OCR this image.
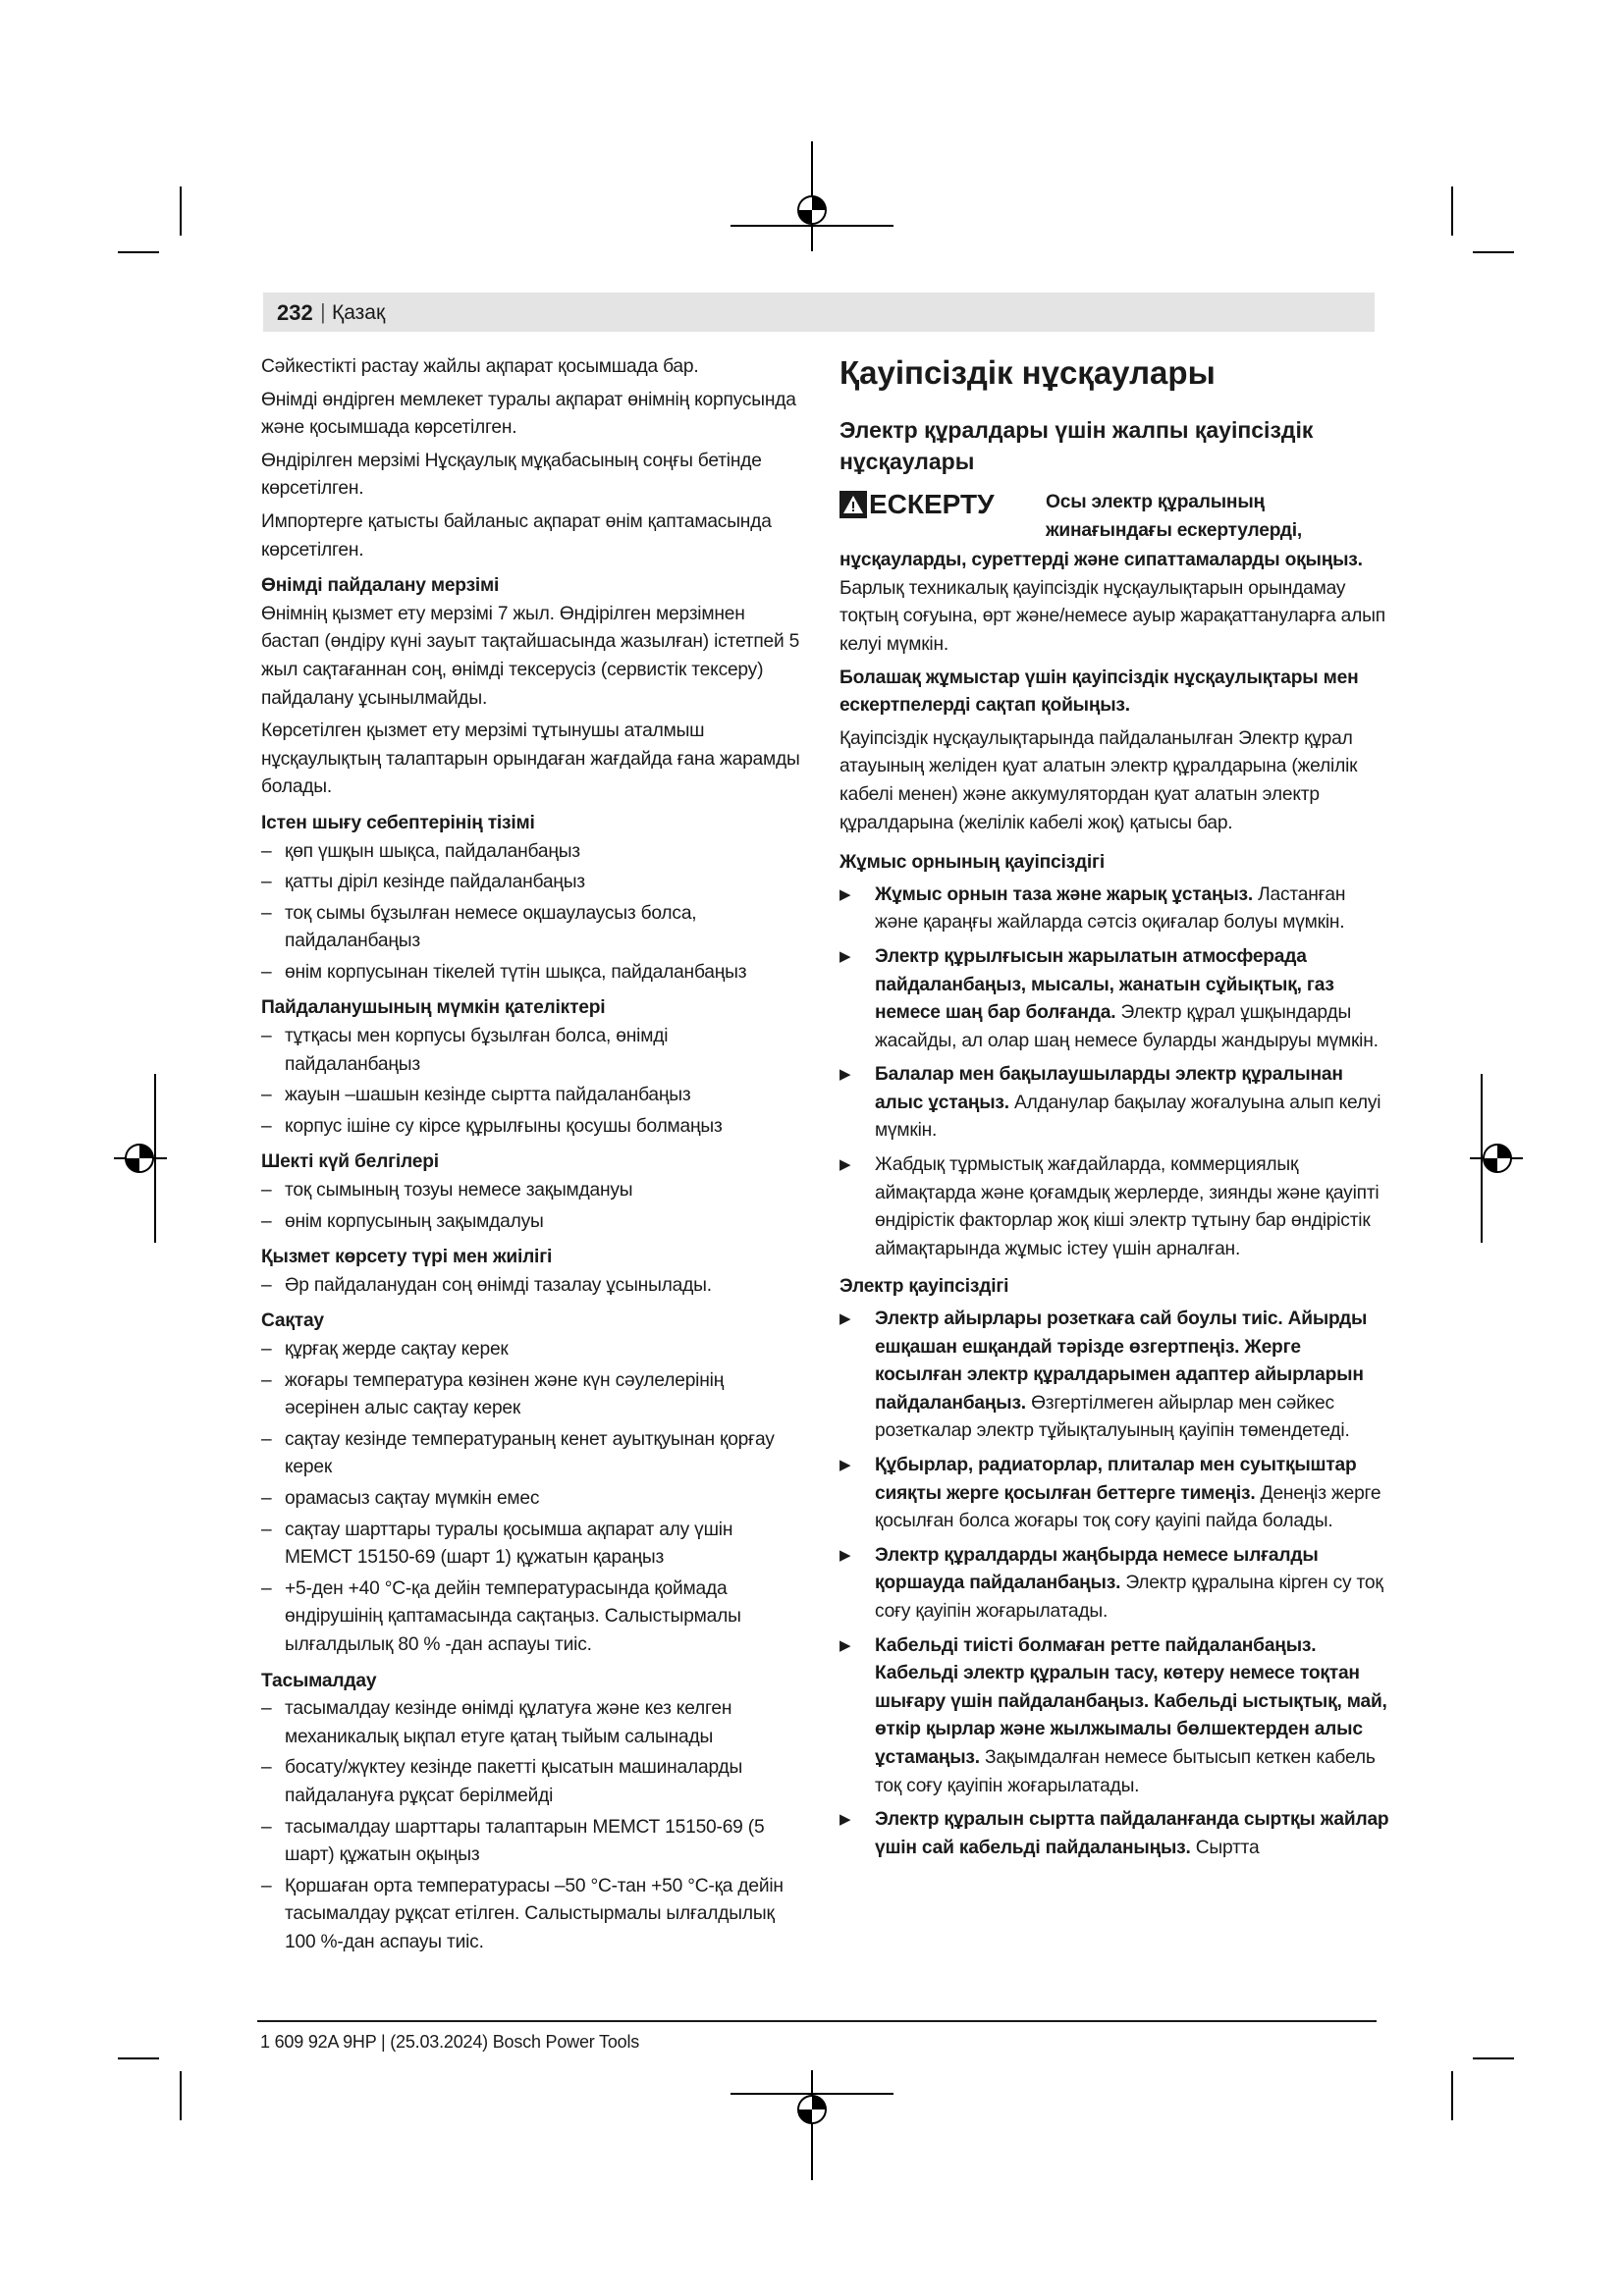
232 | Қазақ

Сәйкестікті растау жайлы ақпарат қосымшада бар.

Өнімді өндірген мемлекет туралы ақпарат өнімнің корпусында және қосымшада көрсетілген.

Өндірілген мерзімі Нұсқаулық мұқабасының соңғы бетінде көрсетілген.

Импортерге қатысты байланыс ақпарат өнім қаптамасында көрсетілген.

Өнімді пайдалану мерзімі

Өнімнің қызмет ету мерзімі 7 жыл. Өндірілген мерзімнен бастап (өндіру күні зауыт тақтайшасында жазылған) істетпей 5 жыл сақтағаннан соң, өнімді тексерусіз (сервистік тексеру) пайдалану ұсынылмайды.

Көрсетілген қызмет ету мерзімі тұтынушы аталмыш нұсқаулықтың талаптарын орындаған жағдайда ғана жарамды болады.

Істен шығу себептерінің тізімі
– қөп үшқын шықса, пайдаланбаңыз
– қатты діріл кезінде пайдаланбаңыз
– тоқ сымы бұзылған немесе оқшаулаусыз болса, пайдаланбаңыз
– өнім корпусынан тікелей түтін шықса, пайдаланбаңыз
Пайдаланушының мүмкін қателіктері
– тұтқасы мен корпусы бұзылған болса, өнімді пайдаланбаңыз
– жауын –шашын кезінде сыртта пайдаланбаңыз
– корпус ішіне су кірсе құрылғыны қосушы болмаңыз
Шекті күй белгілері
– тоқ сымының тозуы немесе зақымдануы
– өнім корпусының зақымдалуы
Қызмет көрсету түрі мен жиілігі
– Әр пайдаланудан соң өнімді тазалау ұсынылады.
Сақтау
– құрғақ жерде сақтау керек
– жоғары температура көзінен және күн сәулелерінің әсерінен алыс сақтау керек
– сақтау кезінде температураның кенет ауытқуынан қорғау керек
– орамасыз сақтау мүмкін емес
– сақтау шарттары туралы қосымша ақпарат алу үшін МЕМСТ 15150-69 (шарт 1) құжатын қараңыз
– +5-ден +40 °C-қа дейін температурасында қоймада өндірушінің қаптамасында сақтаңыз. Салыстырмалы ылғалдылық 80 % -дан аспауы тиіс.
Тасымалдау
– тасымалдау кезінде өнімді құлатуға және кез келген механикалық ықпал етуге қатаң тыйым салынады
– босату/жүктеу кезінде пакетті қысатын машиналарды пайдалануға рұқсат берілмейді
– тасымалдау шарттары талаптарын МЕМСТ 15150-69 (5 шарт) құжатын оқыңыз
– Қоршаған орта температурасы –50 °C-тан +50 °C-қа дейін тасымалдау рұқсат етілген. Салыстырмалы ылғалдылық 100 %-дан аспауы тиіс.
Қауіпсіздік нұсқаулары
Электр құралдары үшін жалпы қауіпсіздік нұсқаулары
ЕСКЕРТУ	Осы электр құралының жинағындағы ескертулерді,

нұсқауларды, суреттерді және сипаттамаларды оқыңыз. Барлық техникалық қауіпсіздік нұсқаулықтарын орындамау тоқтың соғуына, өрт және/немесе ауыр жарақаттануларға алып келуі мүмкін.

Болашақ жұмыстар үшін қауіпсіздік нұсқаулықтары мен ескертпелерді сақтап қойыңыз.

Қауіпсіздік нұсқаулықтарында пайдаланылған Электр құрал атауының желіден қуат алатын электр құралдарына (желілік кабелі менен) және аккумулятордан қуат алатын электр құралдарына (желілік кабелі жоқ) қатысы бар.

Жұмыс орнының қауіпсіздігі
▶ Жұмыс орнын таза және жарық ұстаңыз. Ластанған және қараңғы жайларда сәтсіз оқиғалар болуы мүмкін.
▶ Электр құрылғысын жарылатын атмосферада пайдаланбаңыз, мысалы, жанатын сұйықтық, газ немесе шаң бар болғанда. Электр құрал ұшқындарды жасайды, ал олар шаң немесе буларды жандыруы мүмкін.
▶ Балалар мен бақылаушыларды электр құралынан алыс ұстаңыз. Алданулар бақылау жоғалуына алып келуі мүмкін.
▶ Жабдық тұрмыстық жағдайларда, коммерциялық аймақтарда және қоғамдық жерлерде, зиянды және қауіпті өндірістік факторлар жоқ кіші электр тұтыну бар өндірістік аймақтарында жұмыс істеу үшін арналған.
Электр қауіпсіздігі
▶ Электр айырлары розеткаға сай боулы тиіс. Айырды ешқашан ешқандай тәрізде өзгертпеңіз. Жерге косылған электр құралдарымен адаптер айырларын пайдаланбаңыз. Өзгертілмеген айырлар мен сәйкес розеткалар электр тұйықталуының қауіпін төмендетеді.
▶ Құбырлар, радиаторлар, плиталар мен суытқыштар сияқты жерге қосылған беттерге тимеңіз. Денеңіз жерге қосылған болса жоғары тоқ соғу қауіпі пайда болады.
▶ Электр құралдарды жаңбырда немесе ылғалды қоршауда пайдаланбаңыз. Электр құралына кірген су тоқ соғу қауіпін жоғарылатады.
▶ Кабельді тиісті болмаған ретте пайдаланбаңыз. Кабельді электр құралын тасу, көтеру немесе тоқтан шығару үшін пайдаланбаңыз. Кабельді ыстықтық, май, өткір қырлар және жылжымалы бөлшектерден алыс ұстамаңыз. Зақымдалған немесе бытысып кеткен кабель тоқ соғу қауіпін жоғарылатады.
▶ Электр құралын сыртта пайдаланғанда сыртқы жайлар үшін сай кабельді пайдаланыңыз. Сыртта
1 609 92A 9HP | (25.03.2024) Bosch Power Tools
